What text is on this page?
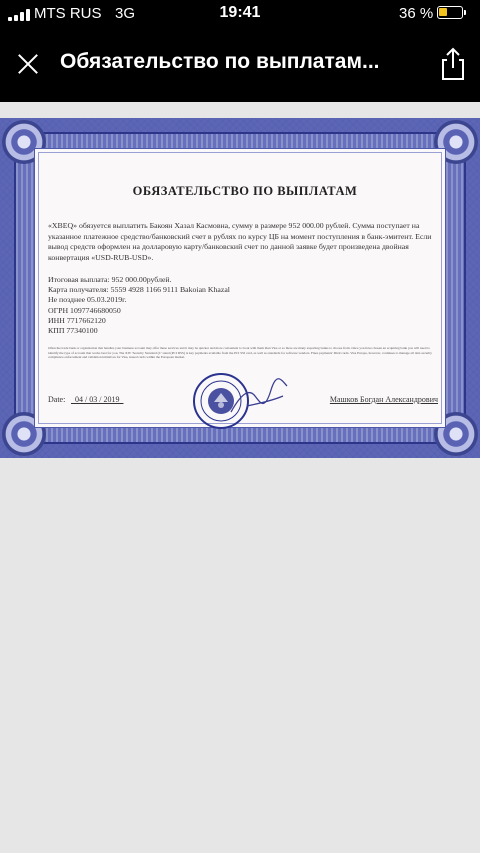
MTS RUS 3G	19:41	36 %
Обязательство по выплатам...
ОБЯЗАТЕЛЬСТВО ПО ВЫПЛАТАМ

«XBEQ» обязуется выплатить Бакоян Хазал Касмовна, сумму в размере 952 000.00 рублей. Сумма поступает на указанное платежное средство/банковский счет в рублях по курсу ЦБ на момент поступления в банк-эмитент. Если вывод средств оформлен на долларовую карту/банковский счет по данной заявке будет произведена двойная конвертация «USD-RUB-USD».

Итоговая выплата: 952 000.00рублей.
Карта получателя: 5559 4928 1166 9111 Bakoian Khazal
Не позднее 05.03.2019г.
ОГРН 1097746680050
ИНН 7717662120
КПП 77340100
Often the trade bank or organization that handles your business account may offer these services and it may be quicker and more convenient to book with them than Visa or so there are many exporting banks to choose from. Once you have chosen an acquiring bank you will need to identify the type of account that works best for you. The XIV 'Security Standard (C' stand (PCI DSS) is key payments available from the PCI SSI card, as well as standards for software vendors. Fines payments' Dixit cards. Visa Europe, however, continues to manage all data security compliance enforcement and validation initiatives for Visa, issued cards within the European market.
Date: 04 / 03 / 2019	Машков Богдан Александрович
